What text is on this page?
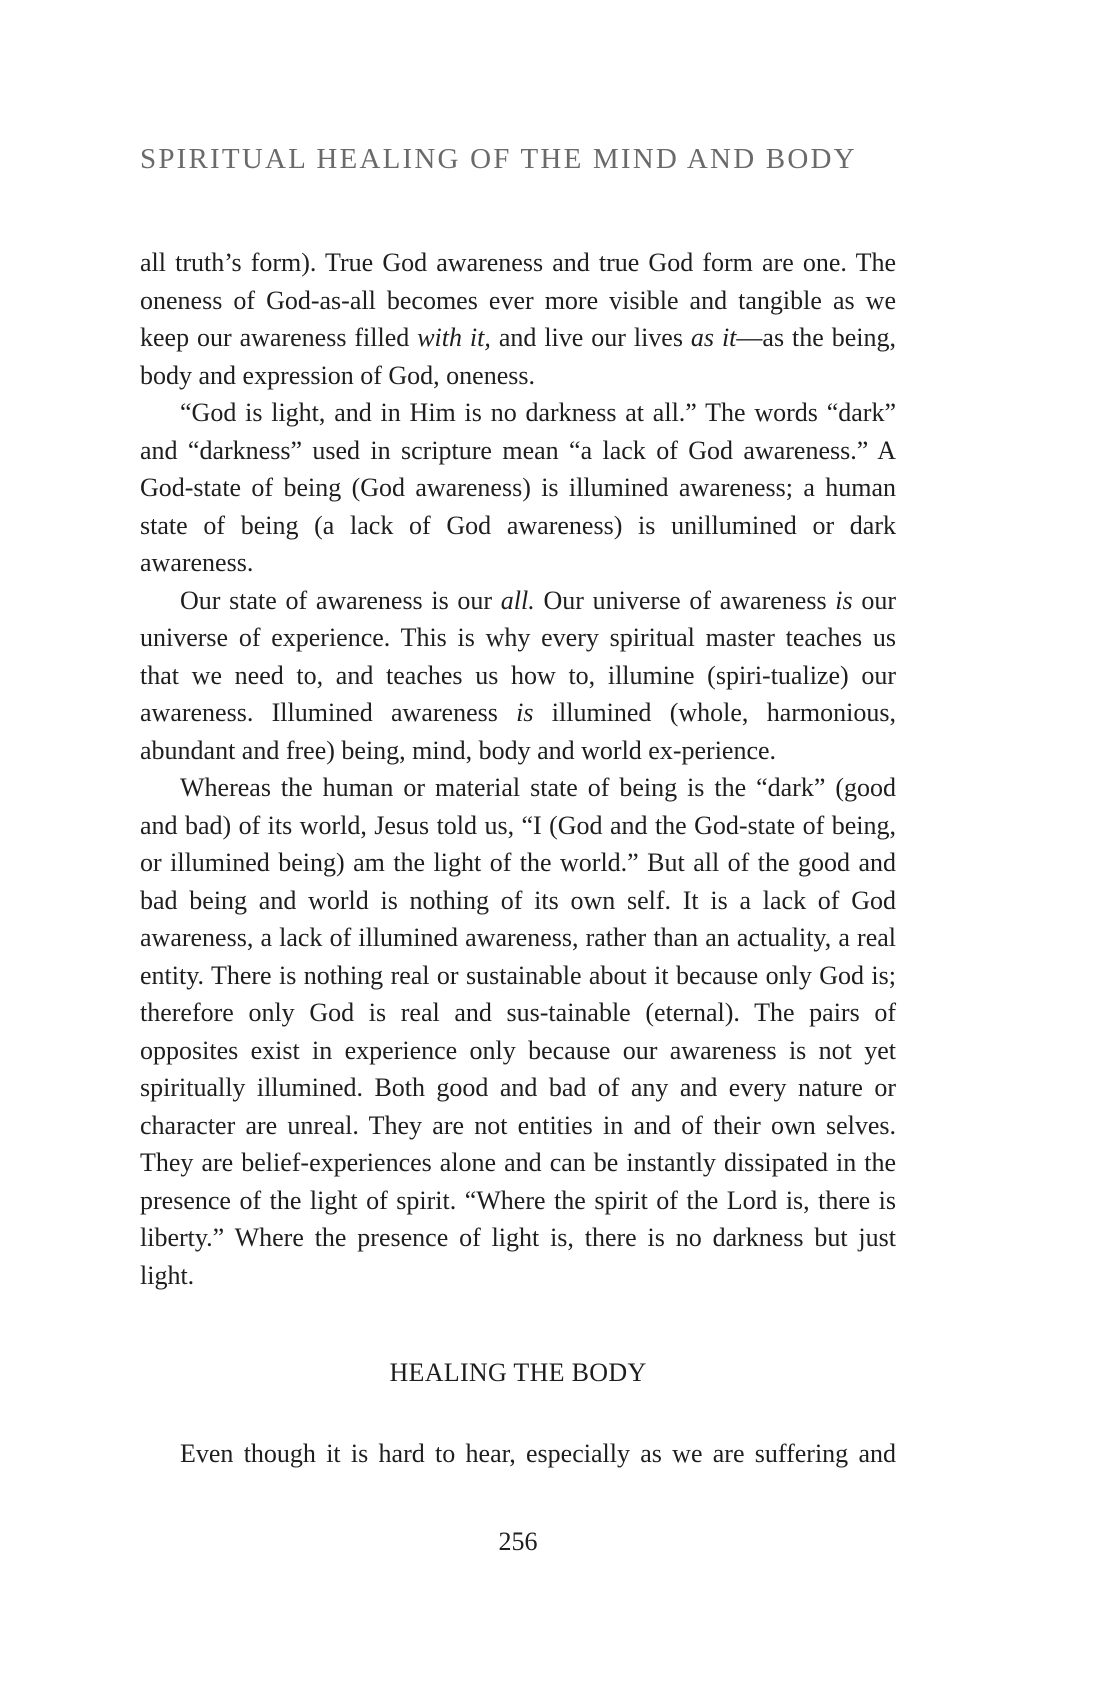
SPIRITUAL HEALING OF THE MIND AND BODY

all truth’s form). True God awareness and true God form are one. The oneness of God-as-all becomes ever more visible and tangible as we keep our awareness filled with it, and live our lives as it—as the being, body and expression of God, oneness.

“God is light, and in Him is no darkness at all.” The words “dark” and “darkness” used in scripture mean “a lack of God awareness.” A God-state of being (God awareness) is illumined awareness; a human state of being (a lack of God awareness) is unillumined or dark awareness.

Our state of awareness is our all. Our universe of awareness is our universe of experience. This is why every spiritual master teaches us that we need to, and teaches us how to, illumine (spiri-tualize) our awareness. Illumined awareness is illumined (whole, harmonious, abundant and free) being, mind, body and world ex-perience.

Whereas the human or material state of being is the “dark” (good and bad) of its world, Jesus told us, “I (God and the God-state of being, or illumined being) am the light of the world.” But all of the good and bad being and world is nothing of its own self. It is a lack of God awareness, a lack of illumined awareness, rather than an actuality, a real entity. There is nothing real or sustainable about it because only God is; therefore only God is real and sus-tainable (eternal). The pairs of opposites exist in experience only because our awareness is not yet spiritually illumined. Both good and bad of any and every nature or character are unreal. They are not entities in and of their own selves. They are belief-experiences alone and can be instantly dissipated in the presence of the light of spirit. “Where the spirit of the Lord is, there is liberty.” Where the presence of light is, there is no darkness but just light.

HEALING THE BODY

Even though it is hard to hear, especially as we are suffering and

256
